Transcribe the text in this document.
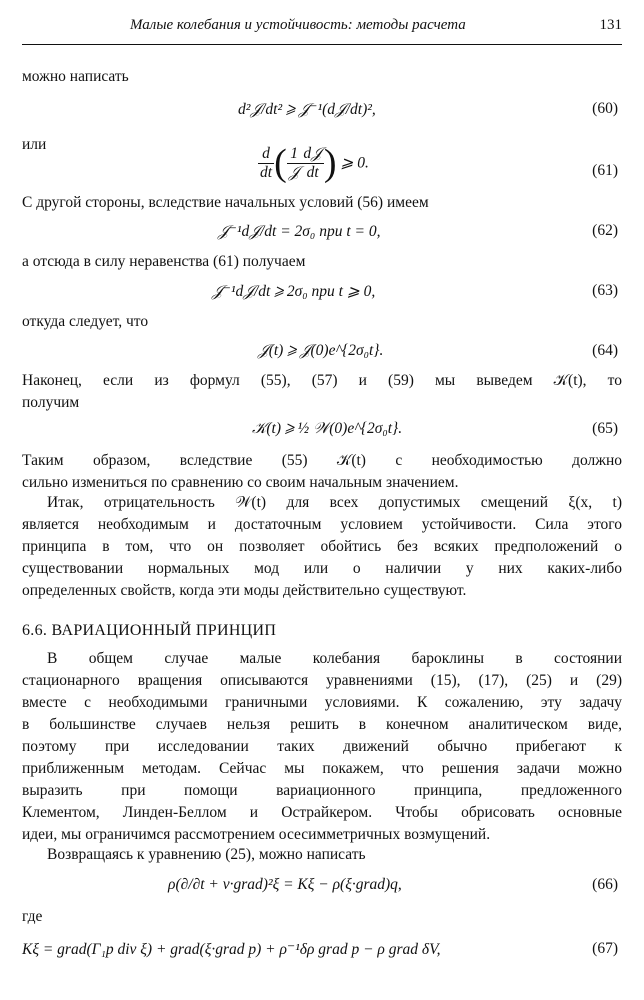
Малые колебания и устойчивость: методы расчета	131
можно написать
d²𝒥/dt² ⩾ 𝒥⁻¹(d𝒥/dt)²,	(60)
или	$\frac{d}{dt}$ ( $\frac{1}{\text{𝒥}} \frac{\text{d𝒥}}{dt}$ ) ⩾ 0.	(61)
С другой стороны, вследствие начальных условий (56) имеем
𝒥⁻¹d𝒥/dt = 2σ₀ при t = 0,	(62)
а отсюда в силу неравенства (61) получаем
𝒥⁻¹d𝒥/dt ⩾ 2σ₀ при t ⩾ 0,	(63)
откуда следует, что
𝒥(t) ⩾ 𝒥(0)e^{2σ₀t}.	(64)
Наконец, если из формул (55), (57) и (59) мы выведем 𝒦(t), то
получим
𝒦(t) ⩾ ½ 𝒲(0)e^{2σ₀t}.	(65)
Таким образом, вследствие (55) 𝒦(t) с необходимостью должно
сильно измениться по сравнению со своим начальным значением.
Итак, отрицательность 𝒲(t) для всех допустимых смещений ξ(x, t)
является необходимым и достаточным условием устойчивости. Сила этого
принципа в том, что он позволяет обойтись без всяких предположений о
существовании нормальных мод или о наличии у них каких-либо
определенных свойств, когда эти моды действительно существуют.
6.6. ВАРИАЦИОННЫЙ ПРИНЦИП
В общем случае малые колебания бароклины в состоянии
стационарного вращения описываются уравнениями (15), (17), (25) и (29)
вместе с необходимыми граничными условиями. К сожалению, эту задачу
в большинстве случаев нельзя решить в конечном аналитическом виде,
поэтому при исследовании таких движений обычно прибегают к
приближенным методам. Сейчас мы покажем, что решения задачи можно
выразить при помощи вариационного принципа, предложенного
Клементом, Линден-Беллом и Острайкером. Чтобы обрисовать основные
идеи, мы ограничимся рассмотрением осесимметричных возмущений.
Возвращаясь к уравнению (25), можно написать
ρ(∂/∂t + v·grad)²ξ = Kξ − ρ(ξ·grad)q,	(66)
где
Kξ = grad(Γ₁p div ξ) + grad(ξ·grad p) + ρ⁻¹δρ grad p − ρ grad δV,	(67)
